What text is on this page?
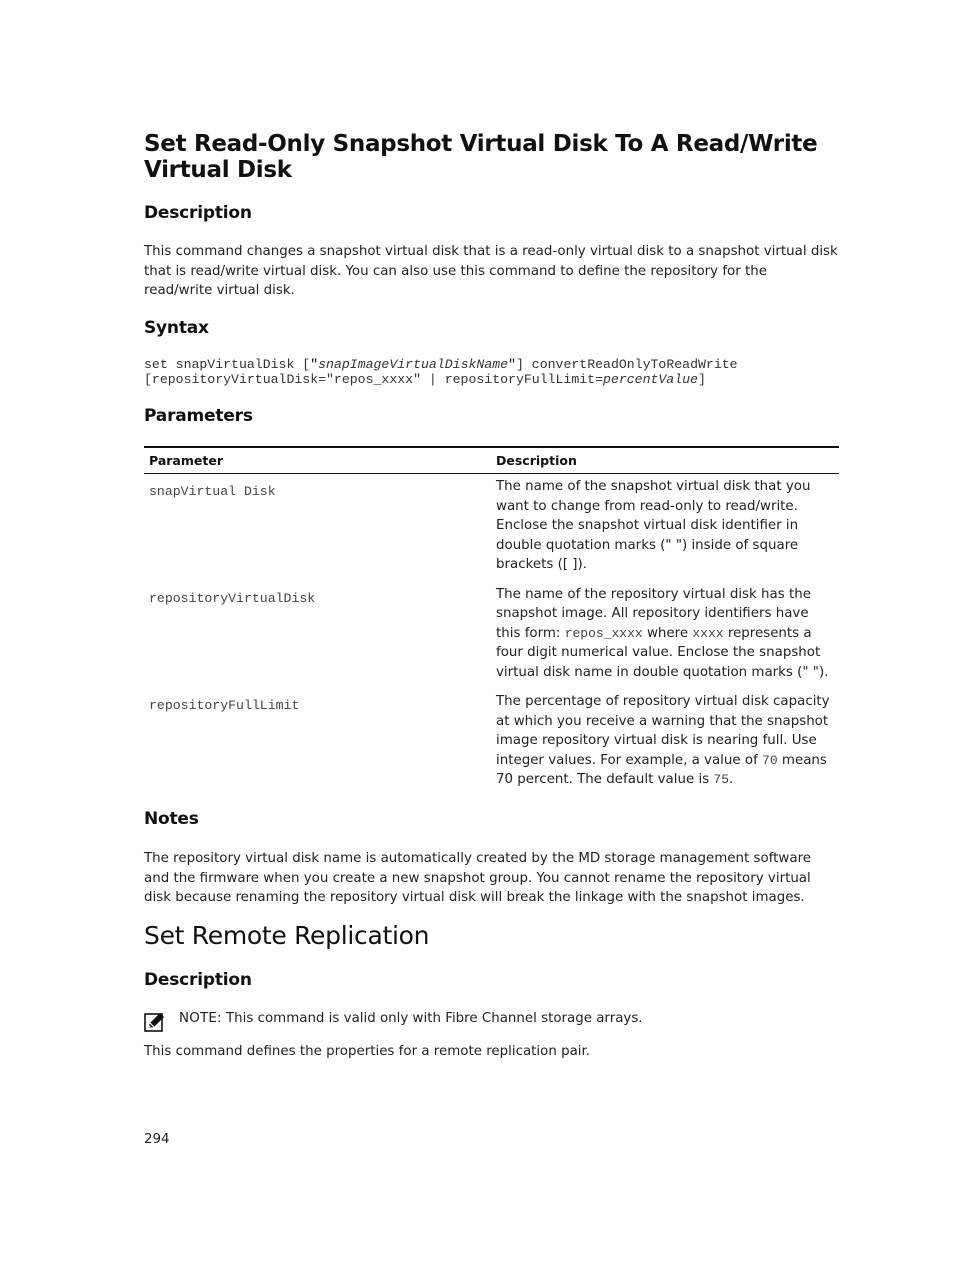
Set Read-Only Snapshot Virtual Disk To A Read/Write Virtual Disk
Description

This command changes a snapshot virtual disk that is a read-only virtual disk to a snapshot virtual disk that is read/write virtual disk. You can also use this command to define the repository for the read/write virtual disk.

Syntax
set snapVirtualDisk ["snapImageVirtualDiskName"] convertReadOnlyToReadWrite
[repositoryVirtualDisk="repos_xxxx" | repositoryFullLimit=percentValue]
Parameters
Parameter	Description
snapVirtual Disk	The name of the snapshot virtual disk that you want to change from read-only to read/write. Enclose the snapshot virtual disk identifier in double quotation marks (" ") inside of square brackets ([ ]).
repositoryVirtualDisk	The name of the repository virtual disk has the snapshot image. All repository identifiers have this form: repos_xxxx where xxxx represents a four digit numerical value. Enclose the snapshot virtual disk name in double quotation marks (" ").
repositoryFullLimit	The percentage of repository virtual disk capacity at which you receive a warning that the snapshot image repository virtual disk is nearing full. Use integer values. For example, a value of 70 means 70 percent. The default value is 75.
Notes

The repository virtual disk name is automatically created by the MD storage management software and the firmware when you create a new snapshot group. You cannot rename the repository virtual disk because renaming the repository virtual disk will break the linkage with the snapshot images.

Set Remote Replication
Description
NOTE: This command is valid only with Fibre Channel storage arrays.

This command defines the properties for a remote replication pair.

294
